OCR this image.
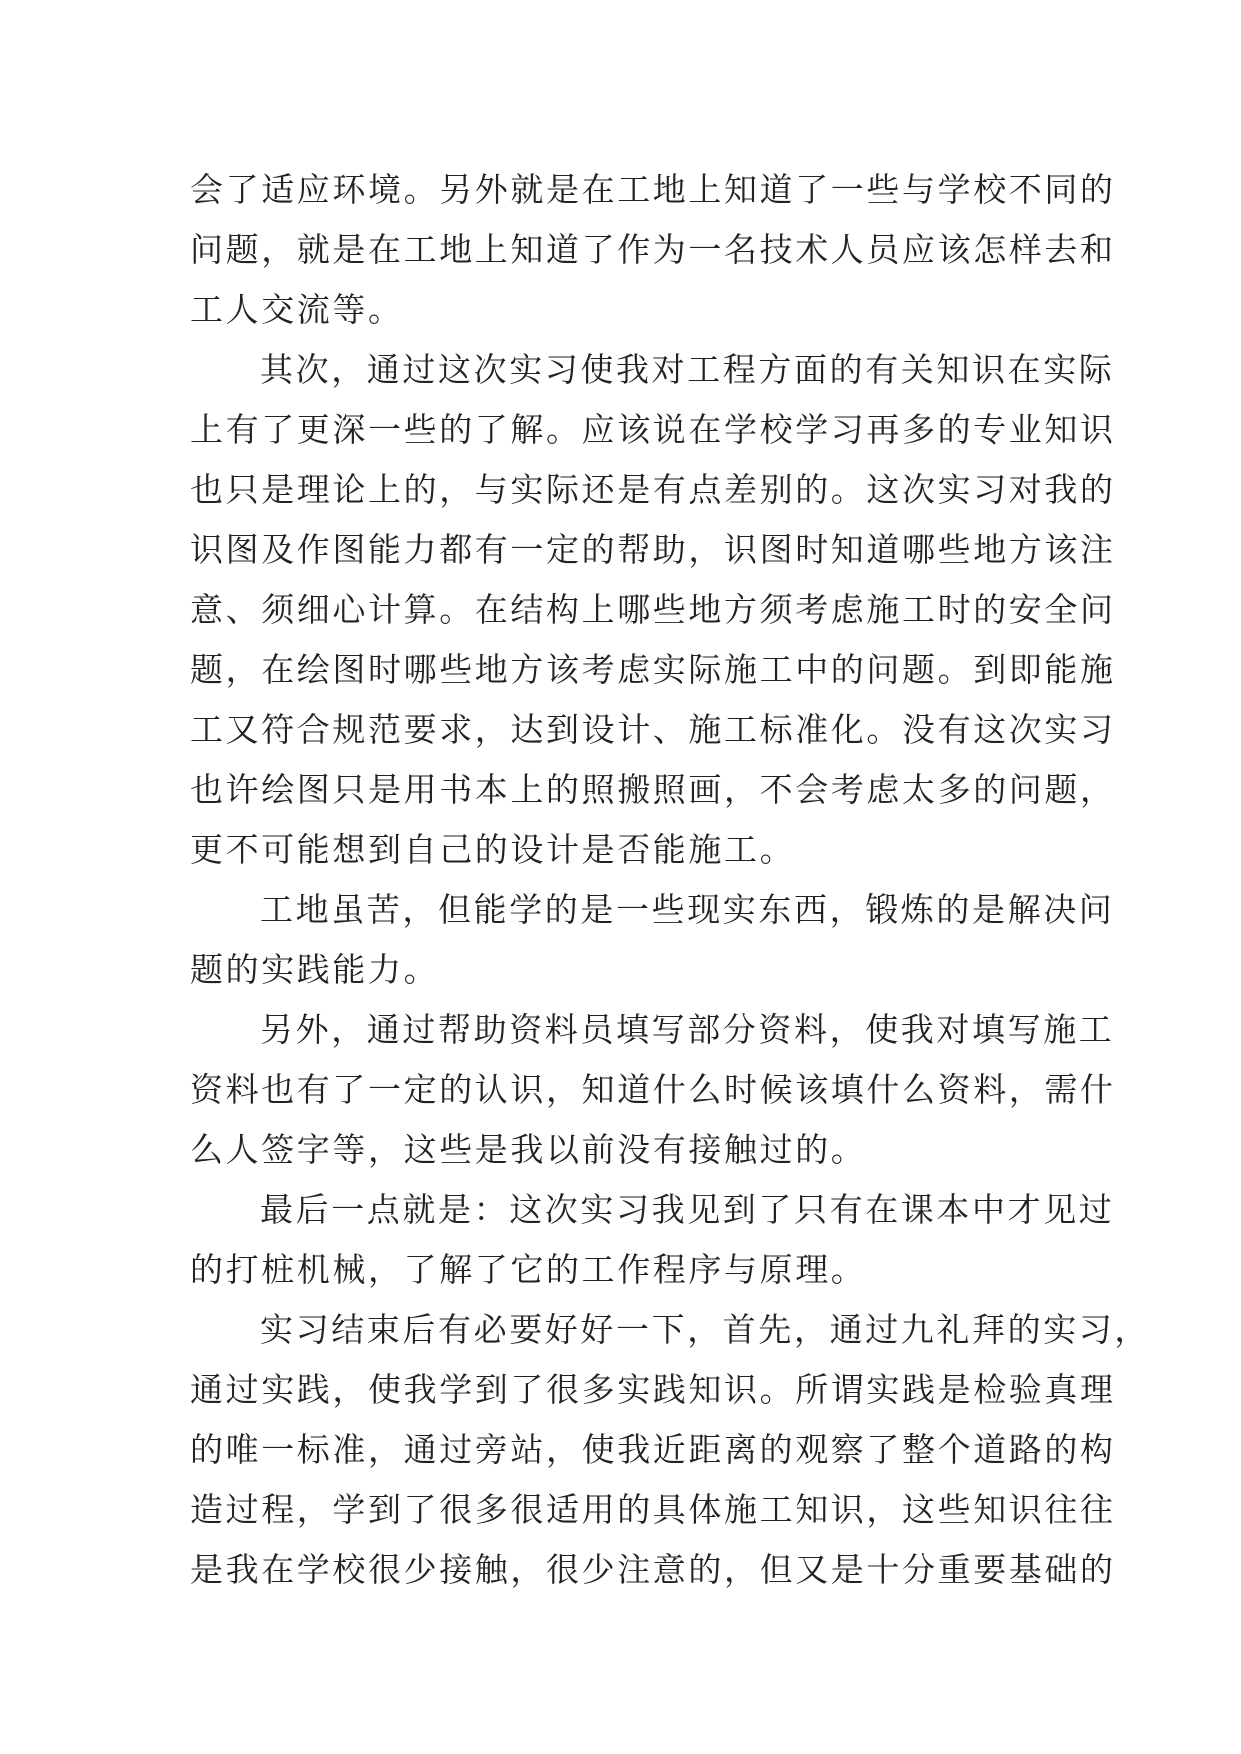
会了适应环境。另外就是在工地上知道了一些与学校不同的
问题，就是在工地上知道了作为一名技术人员应该怎样去和
工人交流等。
其次，通过这次实习使我对工程方面的有关知识在实际
上有了更深一些的了解。应该说在学校学习再多的专业知识
也只是理论上的，与实际还是有点差别的。这次实习对我的
识图及作图能力都有一定的帮助，识图时知道哪些地方该注
意、须细心计算。在结构上哪些地方须考虑施工时的安全问
题，在绘图时哪些地方该考虑实际施工中的问题。到即能施
工又符合规范要求，达到设计、施工标准化。没有这次实习
也许绘图只是用书本上的照搬照画，不会考虑太多的问题，
更不可能想到自己的设计是否能施工。
工地虽苦，但能学的是一些现实东西，锻炼的是解决问
题的实践能力。
另外，通过帮助资料员填写部分资料，使我对填写施工
资料也有了一定的认识，知道什么时候该填什么资料，需什
么人签字等，这些是我以前没有接触过的。
最后一点就是：这次实习我见到了只有在课本中才见过
的打桩机械，了解了它的工作程序与原理。
实习结束后有必要好好一下，首先，通过九礼拜的实习，
通过实践，使我学到了很多实践知识。所谓实践是检验真理
的唯一标准，通过旁站，使我近距离的观察了整个道路的构
造过程，学到了很多很适用的具体施工知识，这些知识往往
是我在学校很少接触，很少注意的，但又是十分重要基础的
